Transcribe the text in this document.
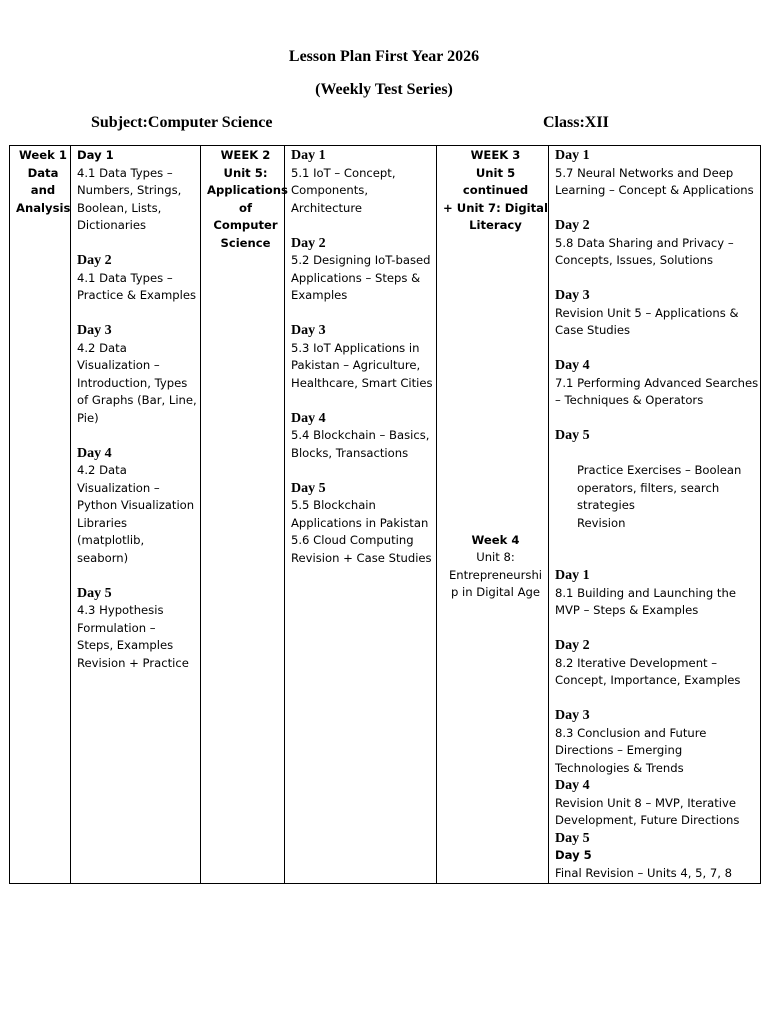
Lesson Plan First Year 2026
(Weekly Test Series)
Subject:Computer Science	Class:XII
Week 1
Data
and
Analysis

Day 1
4.1 Data Types –
Numbers, Strings,
Boolean, Lists,
Dictionaries
Day 2
4.1 Data Types –
Practice & Examples
Day 3
4.2 Data
Visualization –
Introduction, Types
of Graphs (Bar, Line,
Pie)
Day 4
4.2 Data
Visualization –
Python Visualization
Libraries
(matplotlib,
seaborn)
Day 5
4.3 Hypothesis
Formulation –
Steps, Examples
Revision + Practice

WEEK 2
Unit 5:
Applications
of
Computer
Science

Day 1
5.1 IoT – Concept,
Components,
Architecture
Day 2
5.2 Designing IoT-based
Applications – Steps &
Examples
Day 3
5.3 IoT Applications in
Pakistan – Agriculture,
Healthcare, Smart Cities
Day 4
5.4 Blockchain – Basics,
Blocks, Transactions
Day 5
5.5 Blockchain
Applications in Pakistan
5.6 Cloud Computing
Revision + Case Studies

WEEK 3
Unit 5 continued
+ Unit 7: Digital
Literacy
Week 4
Unit 8:
Entrepreneurshi
p in Digital Age

Day 1
5.7 Neural Networks and Deep
Learning – Concept & Applications
Day 2
5.8 Data Sharing and Privacy –
Concepts, Issues, Solutions
Day 3
Revision Unit 5 – Applications &
Case Studies
Day 4
7.1 Performing Advanced Searches
– Techniques & Operators
Day 5
Practice Exercises – Boolean
operators, filters, search
strategies
Revision
Day 1
8.1 Building and Launching the
MVP – Steps & Examples
Day 2
8.2 Iterative Development –
Concept, Importance, Examples
Day 3
8.3 Conclusion and Future
Directions – Emerging
Technologies & Trends
Day 4
Revision Unit 8 – MVP, Iterative
Development, Future Directions
Day 5
Day 5
Final Revision – Units 4, 5, 7, 8
